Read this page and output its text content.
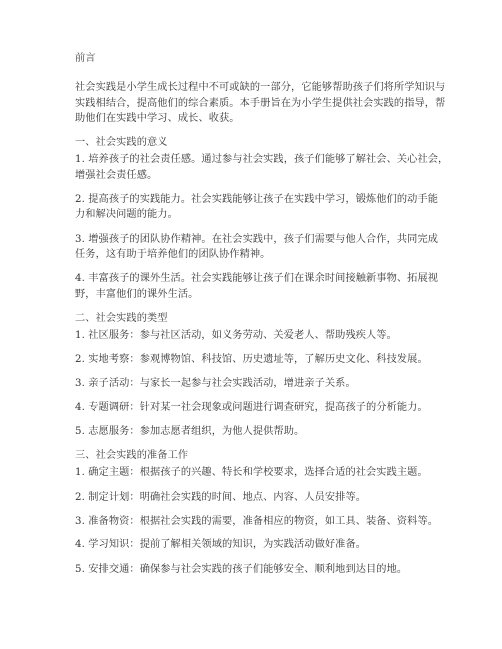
前言
社会实践是小学生成长过程中不可或缺的一部分，它能够帮助孩子们将所学知识与
实践相结合，提高他们的综合素质。本手册旨在为小学生提供社会实践的指导，帮
助他们在实践中学习、成长、收获。
一、社会实践的意义
1. 培养孩子的社会责任感。通过参与社会实践，孩子们能够了解社会、关心社会，
增强社会责任感。
2. 提高孩子的实践能力。社会实践能够让孩子在实践中学习，锻炼他们的动手能
力和解决问题的能力。
3. 增强孩子的团队协作精神。在社会实践中，孩子们需要与他人合作，共同完成
任务，这有助于培养他们的团队协作精神。
4. 丰富孩子的课外生活。社会实践能够让孩子们在课余时间接触新事物、拓展视
野，丰富他们的课外生活。
二、社会实践的类型
1. 社区服务：参与社区活动，如义务劳动、关爱老人、帮助残疾人等。
2. 实地考察：参观博物馆、科技馆、历史遗址等，了解历史文化、科技发展。
3. 亲子活动：与家长一起参与社会实践活动，增进亲子关系。
4. 专题调研：针对某一社会现象或问题进行调查研究，提高孩子的分析能力。
5. 志愿服务：参加志愿者组织，为他人提供帮助。
三、社会实践的准备工作
1. 确定主题：根据孩子的兴趣、特长和学校要求，选择合适的社会实践主题。
2. 制定计划：明确社会实践的时间、地点、内容、人员安排等。
3. 准备物资：根据社会实践的需要，准备相应的物资，如工具、装备、资料等。
4. 学习知识：提前了解相关领域的知识，为实践活动做好准备。
5. 安排交通：确保参与社会实践的孩子们能够安全、顺利地到达目的地。
